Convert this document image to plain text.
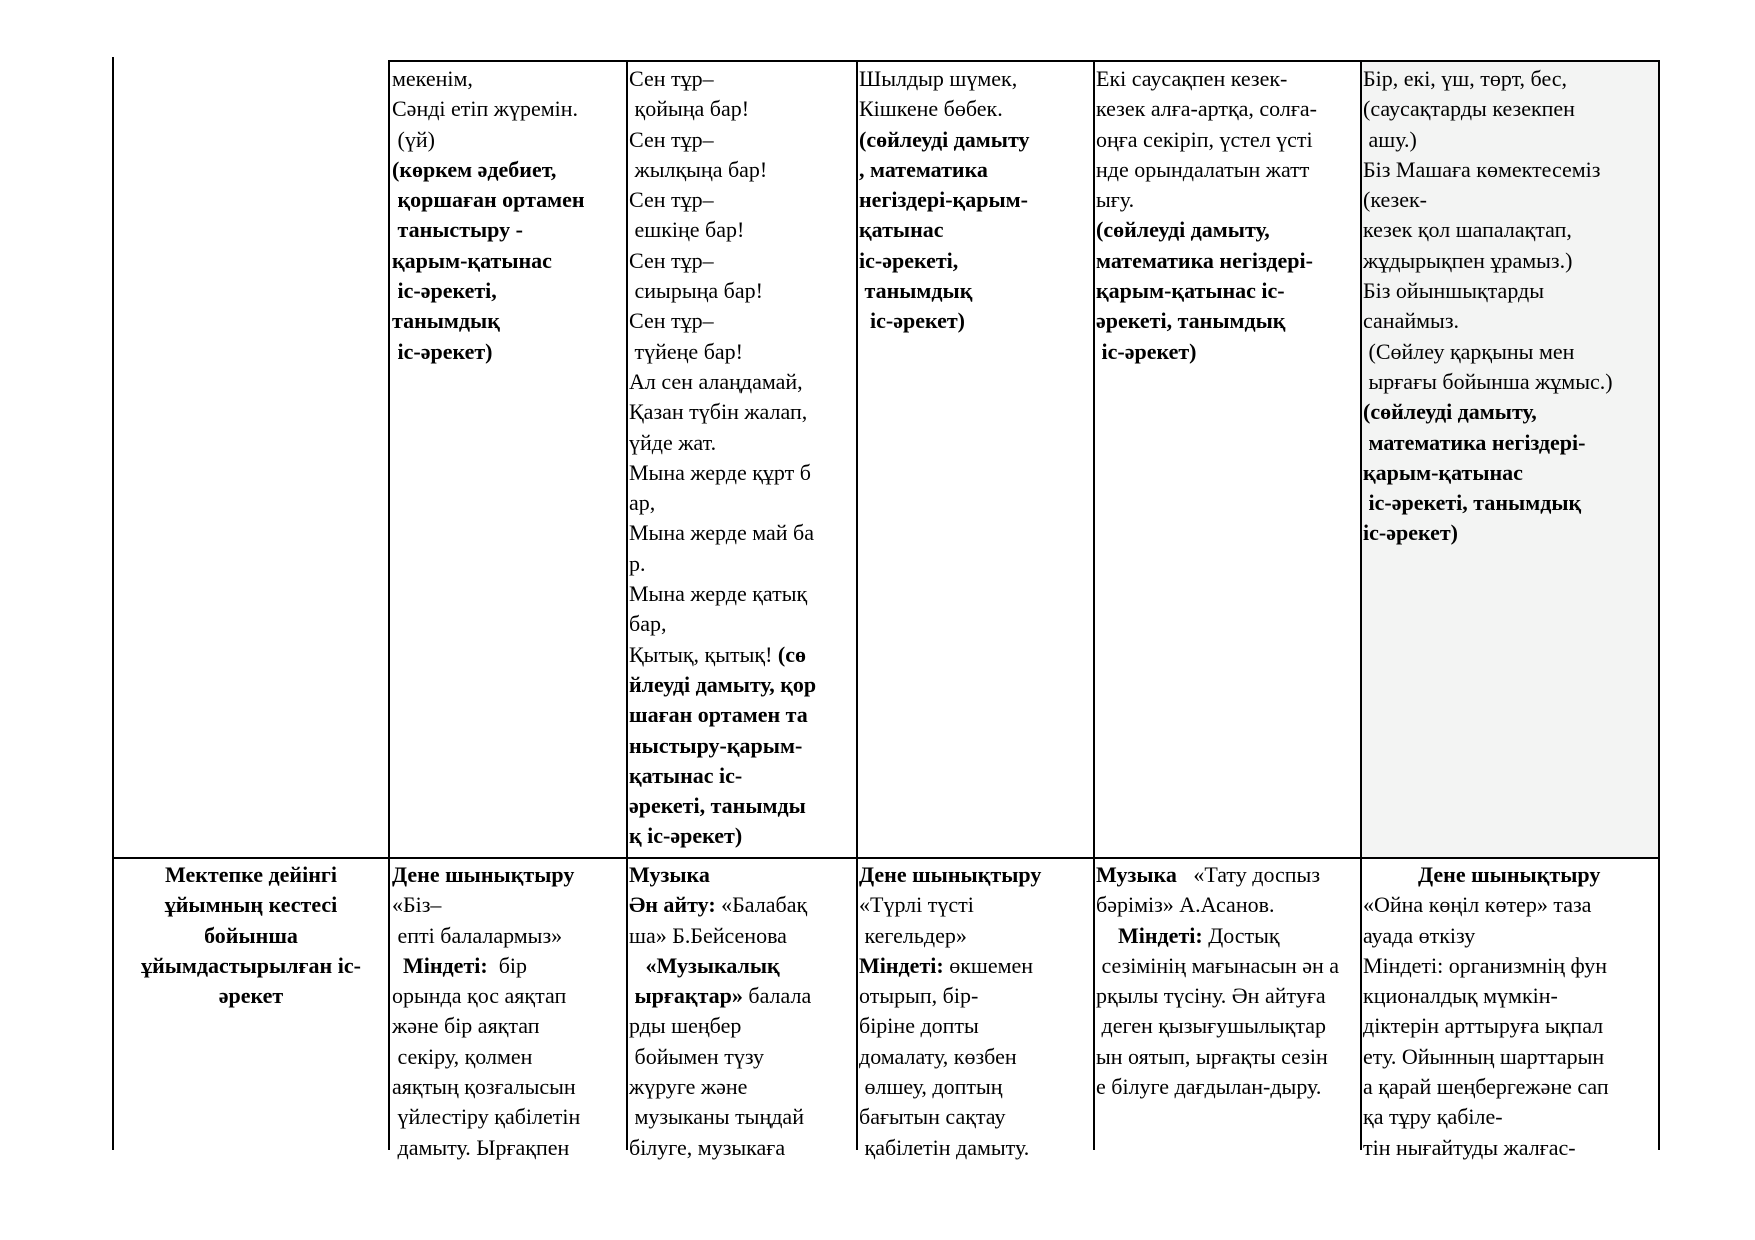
мекенім,
Сәнді етіп жүремін.
(үй)
(көркем әдебиет,
қоршаған ортамен
таныстыру -
қарым-қатынас
іс-әрекеті,
танымдық
іс-әрекет)
Сен тұр–
қойыңа бар!
Сен тұр–
жылқыңа бар!
Сен тұр–
ешкіңе бар!
Сен тұр–
сиырыңа бар!
Сен тұр–
түйеңе бар!
Ал сен алаңдамай,
Қазан түбін жалап,
үйде жат.
Мына жерде құрт б
ар,
Мына жерде май ба
р.
Мына жерде қатық
бар,
Қытық, қытық! (сө
йлеуді дамыту, қор
шаған ортамен та
ныстыру-қарым-
қатынас іс-
әрекеті, танымды
қ іс-әрекет)
Шылдыр шүмек,
Кішкене бөбек.
(сөйлеуді дамыту
, математика
негіздері-қарым-
қатынас
іс-әрекеті,
танымдық
іс-әрекет)
Екі саусақпен кезек-
кезек алға-артқа, солға-
оңға секіріп, үстел үсті
нде орындалатын жатт
ығу.
(сөйлеуді дамыту,
математика негіздері-
қарым-қатынас іс-
әрекеті, танымдық
іс-әрекет)
Бір, екі, үш, төрт, бес,
(саусақтарды кезекпен
ашу.)
Біз Машаға көмектесеміз
(кезек-
кезек қол шапалақтап,
жұдырықпен ұрамыз.)
Біз ойыншықтарды
санаймыз.
(Сөйлеу қарқыны мен
ырғағы бойынша жұмыс.)
(сөйлеуді дамыту,
математика негіздері-
қарым-қатынас
іс-әрекеті, танымдық
іс-әрекет)
Мектепке дейінгі
ұйымның кестесі
бойынша
ұйымдастырылған іс-
әрекет
Дене шынықтыру
«Біз–
епті балалармыз»
Міндеті:  бір
орында қос аяқтап
және бір аяқтап
секіру, қолмен
аяқтың қозғалысын
үйлестіру қабілетін
дамыту. Ырғақпен
Музыка
Ән айту: «Балабақ
ша» Б.Бейсенова
«Музыкалық
ырғақтар» балала
рды шеңбер
бойымен түзу
жүруге және
музыканы тыңдай
білуге, музыкаға
Дене шынықтыру
«Түрлі түсті
кегельдер»
Міндеті: өкшемен
отырып, бір-
біріне допты
домалату, көзбен
өлшеу, доптың
бағытын сақтау
қабілетін дамыту.
Музыка   «Тату доспыз
бәріміз» А.Асанов.
Міндеті: Достық
сезімінің мағынасын ән а
рқылы түсіну. Ән айтуға
деген қызығушылықтар
ын оятып, ырғақты сезін
е білуге дағдылан-дыру.
Дене шынықтыру
«Ойна көңіл көтер» таза
ауада өткізу
Міндеті: организмнің фун
кционалдық мүмкін-
діктерін арттыруға ықпал
ету. Ойынның шарттарын
а қарай шеңбергежәне сап
қа тұру қабіле-
тін нығайтуды жалғас-
